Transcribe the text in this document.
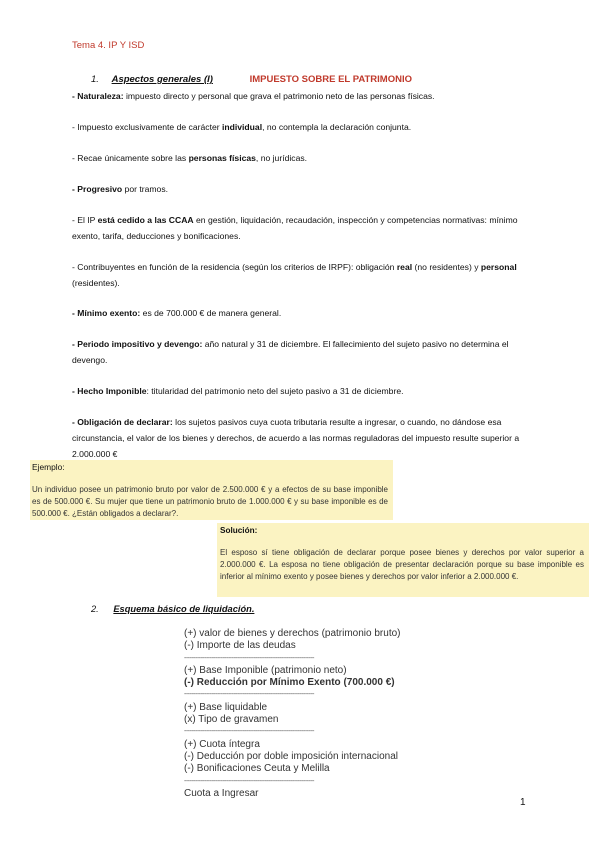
Tema 4. IP Y ISD
1. Aspectos generales (I)	IMPUESTO SOBRE EL PATRIMONIO
- Naturaleza: impuesto directo y personal que grava el patrimonio neto de las personas físicas.
- Impuesto exclusivamente de carácter individual, no contempla la declaración conjunta.
- Recae únicamente sobre las personas físicas, no jurídicas.
- Progresivo por tramos.
- El IP está cedido a las CCAA en gestión, liquidación, recaudación, inspección y competencias normativas: mínimo exento, tarifa, deducciones y bonificaciones.
- Contribuyentes en función de la residencia (según los criterios de IRPF): obligación real (no residentes) y personal (residentes).
- Mínimo exento: es de 700.000 € de manera general.
- Periodo impositivo y devengo: año natural y 31 de diciembre. El fallecimiento del sujeto pasivo no determina el devengo.
- Hecho Imponible: titularidad del patrimonio neto del sujeto pasivo a 31 de diciembre.
- Obligación de declarar: los sujetos pasivos cuya cuota tributaria resulte a ingresar, o cuando, no dándose esa circunstancia, el valor de los bienes y derechos, de acuerdo a las normas reguladoras del impuesto resulte superior a 2.000.000 €
Ejemplo:
Un individuo posee un patrimonio bruto por valor de 2.500.000 € y a efectos de su base imponible es de 500.000 €. Su mujer que tiene un patrimonio bruto de 1.000.000 € y su base imponible es de 500.000 €. ¿Están obligados a declarar?.
Solución:
El esposo sí tiene obligación de declarar porque posee bienes y derechos por valor superior a 2.000.000 €. La esposa no tiene obligación de presentar declaración porque su base imponible es inferior al mínimo exento y posee bienes y derechos por valor inferior a 2.000.000 €.
2. Esquema básico de liquidación.
(+) valor de bienes y derechos (patrimonio bruto)
(-) Importe de las deudas
-----------------------------------------------------------------------
(+) Base Imponible (patrimonio neto)
(-) Reducción por Mínimo Exento (700.000 €)
-----------------------------------------------------------------------
(+) Base liquidable
(x) Tipo de gravamen
-----------------------------------------------------------------------
(+) Cuota íntegra
(-) Deducción por doble imposición internacional
(-) Bonificaciones Ceuta y Melilla
-----------------------------------------------------------------------
Cuota a Ingresar
1
